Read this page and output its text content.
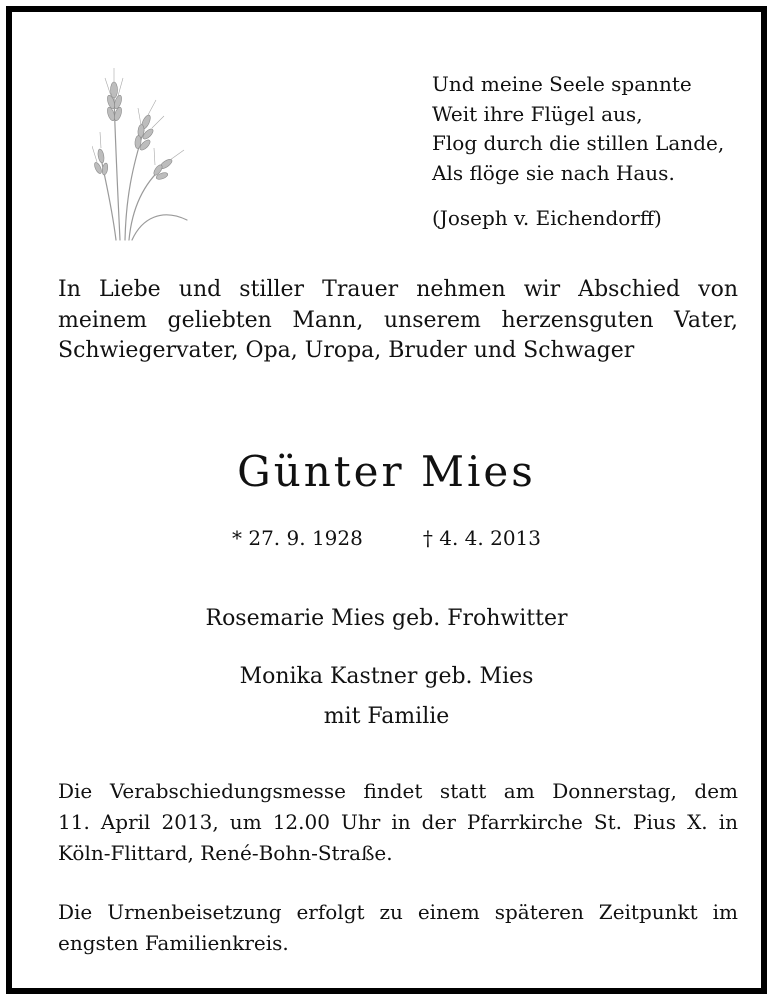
Und meine Seele spannte
Weit ihre Flügel aus,
Flog durch die stillen Lande,
Als flöge sie nach Haus.
(Joseph v. Eichendorff)
In Liebe und stiller Trauer nehmen wir Abschied von
meinem geliebten Mann, unserem herzensguten Vater,
Schwiegervater, Opa, Uropa, Bruder und Schwager
Günter Mies
* 27. 9. 1928	† 4. 4. 2013
Rosemarie Mies geb. Frohwitter
Monika Kastner geb. Mies
mit Familie
Die Verabschiedungsmesse findet statt am Donnerstag, dem
11. April 2013, um 12.00 Uhr in der Pfarrkirche St. Pius X. in
Köln-Flittard, René-Bohn-Straße.
Die Urnenbeisetzung erfolgt zu einem späteren Zeitpunkt im
engsten Familienkreis.
